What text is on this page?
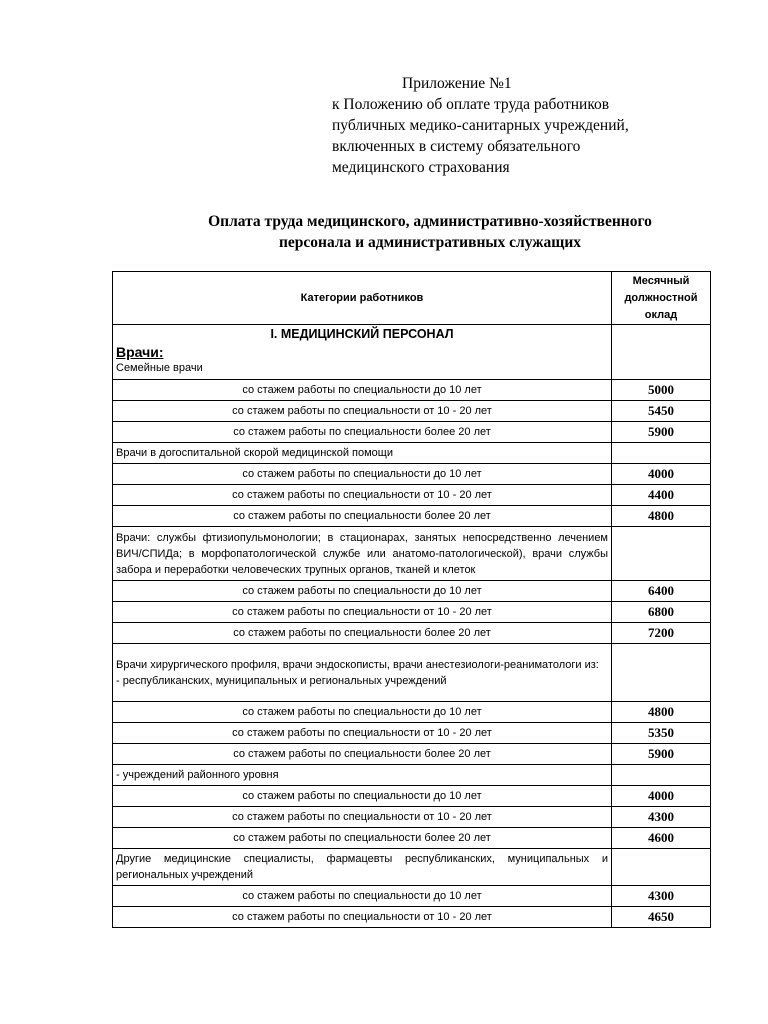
Приложение №1
к Положению об оплате труда работников
публичных медико-санитарных учреждений,
включенных в систему обязательного
медицинского страхования
Оплата труда медицинского, административно-хозяйственного
персонала и административных служащих
Категории работников	Месячный
должностной
оклад

I. МЕДИЦИНСКИЙ ПЕРСОНАЛ
Врачи:
Семейные врачи	

со стажем работы по специальности до 10 лет	5000
со стажем работы по специальности от 10 - 20 лет	5450
со стажем работы по специальности более 20 лет	5900
Врачи в догоспитальной скорой медицинской помощи	
со стажем работы по специальности до 10 лет	4000
со стажем работы по специальности от 10 - 20 лет	4400
со стажем работы по специальности более 20 лет	4800
Врачи: службы фтизиопульмонологии; в стационарах, занятых непосредственно лечением ВИЧ/СПИДа; в морфопатологической службе или анатомо-патологической), врачи службы забора и переработки человеческих трупных органов, тканей и клеток	
со стажем работы по специальности до 10 лет	6400
со стажем работы по специальности от 10 - 20 лет	6800
со стажем работы по специальности более 20 лет	7200

Врачи хирургического профиля, врачи эндоскописты, врачи анестезиологи-реаниматологи из:
- республиканских, муниципальных и региональных учреждений	

со стажем работы по специальности до 10 лет	4800
со стажем работы по специальности от 10 - 20 лет	5350
со стажем работы по специальности более 20 лет	5900
- учреждений районного уровня	
со стажем работы по специальности до 10 лет	4000
со стажем работы по специальности от 10 - 20 лет	4300
со стажем работы по специальности более 20 лет	4600
Другие медицинские специалисты, фармацевты республиканских, муниципальных и региональных учреждений	
со стажем работы по специальности до 10 лет	4300
со стажем работы по специальности от 10 - 20 лет	4650
